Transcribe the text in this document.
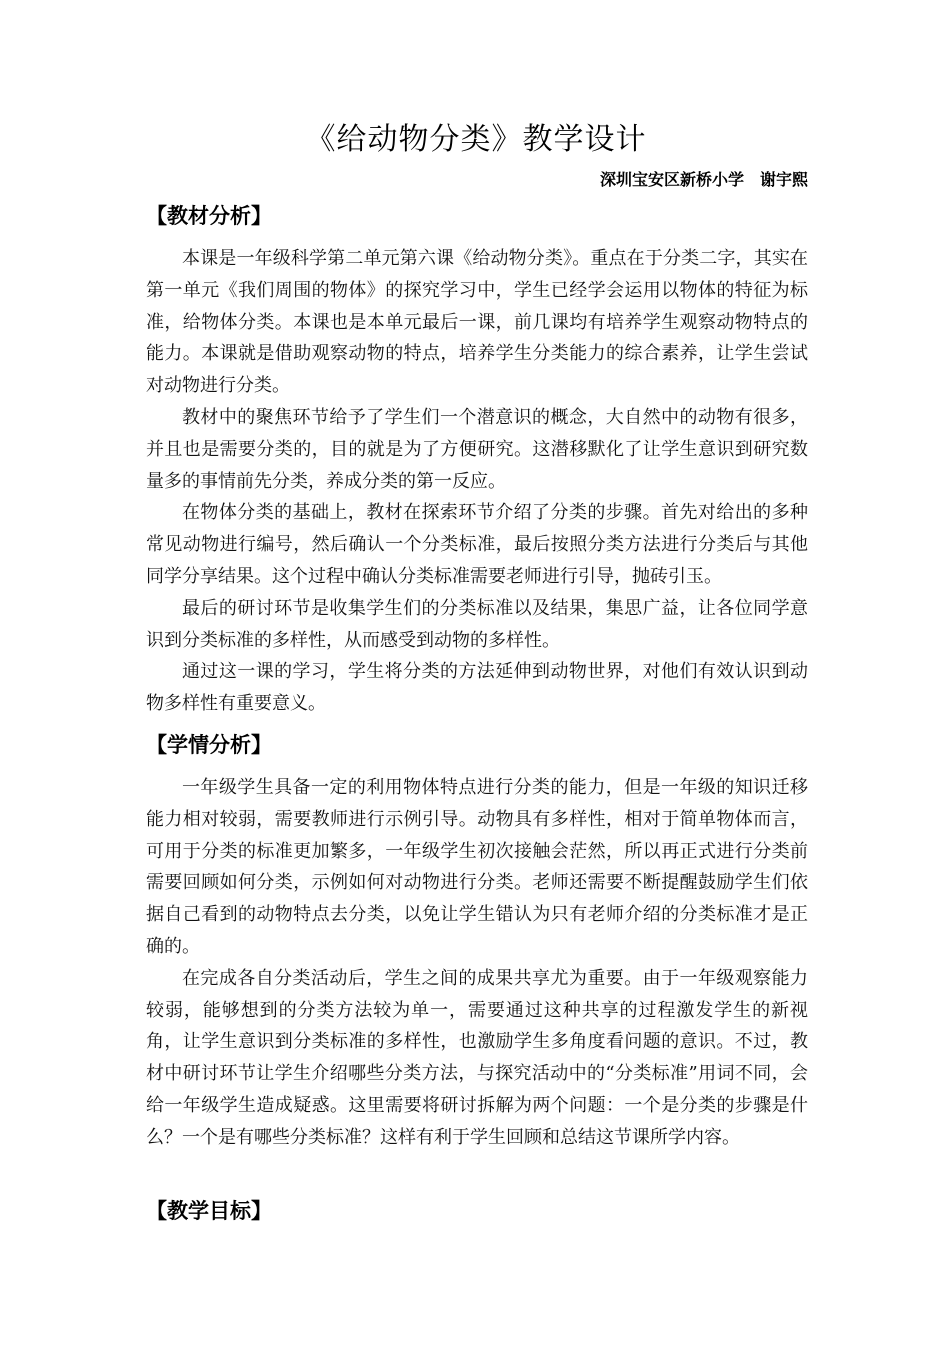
《给动物分类》教学设计
深圳宝安区新桥小学　谢宇熙
【教材分析】

本课是一年级科学第二单元第六课《给动物分类》。重点在于分类二字，其实在第一单元《我们周围的物体》的探究学习中，学生已经学会运用以物体的特征为标准，给物体分类。本课也是本单元最后一课，前几课均有培养学生观察动物特点的能力。本课就是借助观察动物的特点，培养学生分类能力的综合素养，让学生尝试对动物进行分类。

教材中的聚焦环节给予了学生们一个潜意识的概念，大自然中的动物有很多，并且也是需要分类的，目的就是为了方便研究。这潜移默化了让学生意识到研究数量多的事情前先分类，养成分类的第一反应。

在物体分类的基础上，教材在探索环节介绍了分类的步骤。首先对给出的多种常见动物进行编号，然后确认一个分类标准，最后按照分类方法进行分类后与其他同学分享结果。这个过程中确认分类标准需要老师进行引导，抛砖引玉。

最后的研讨环节是收集学生们的分类标准以及结果，集思广益，让各位同学意识到分类标准的多样性，从而感受到动物的多样性。

通过这一课的学习，学生将分类的方法延伸到动物世界，对他们有效认识到动物多样性有重要意义。

【学情分析】

一年级学生具备一定的利用物体特点进行分类的能力，但是一年级的知识迁移能力相对较弱，需要教师进行示例引导。动物具有多样性，相对于简单物体而言，可用于分类的标准更加繁多，一年级学生初次接触会茫然，所以再正式进行分类前需要回顾如何分类，示例如何对动物进行分类。老师还需要不断提醒鼓励学生们依据自己看到的动物特点去分类，以免让学生错认为只有老师介绍的分类标准才是正确的。

在完成各自分类活动后，学生之间的成果共享尤为重要。由于一年级观察能力较弱，能够想到的分类方法较为单一，需要通过这种共享的过程激发学生的新视角，让学生意识到分类标准的多样性，也激励学生多角度看问题的意识。不过，教材中研讨环节让学生介绍哪些分类方法，与探究活动中的“分类标准”用词不同，会给一年级学生造成疑惑。这里需要将研讨拆解为两个问题：一个是分类的步骤是什么？一个是有哪些分类标准？这样有利于学生回顾和总结这节课所学内容。

【教学目标】
